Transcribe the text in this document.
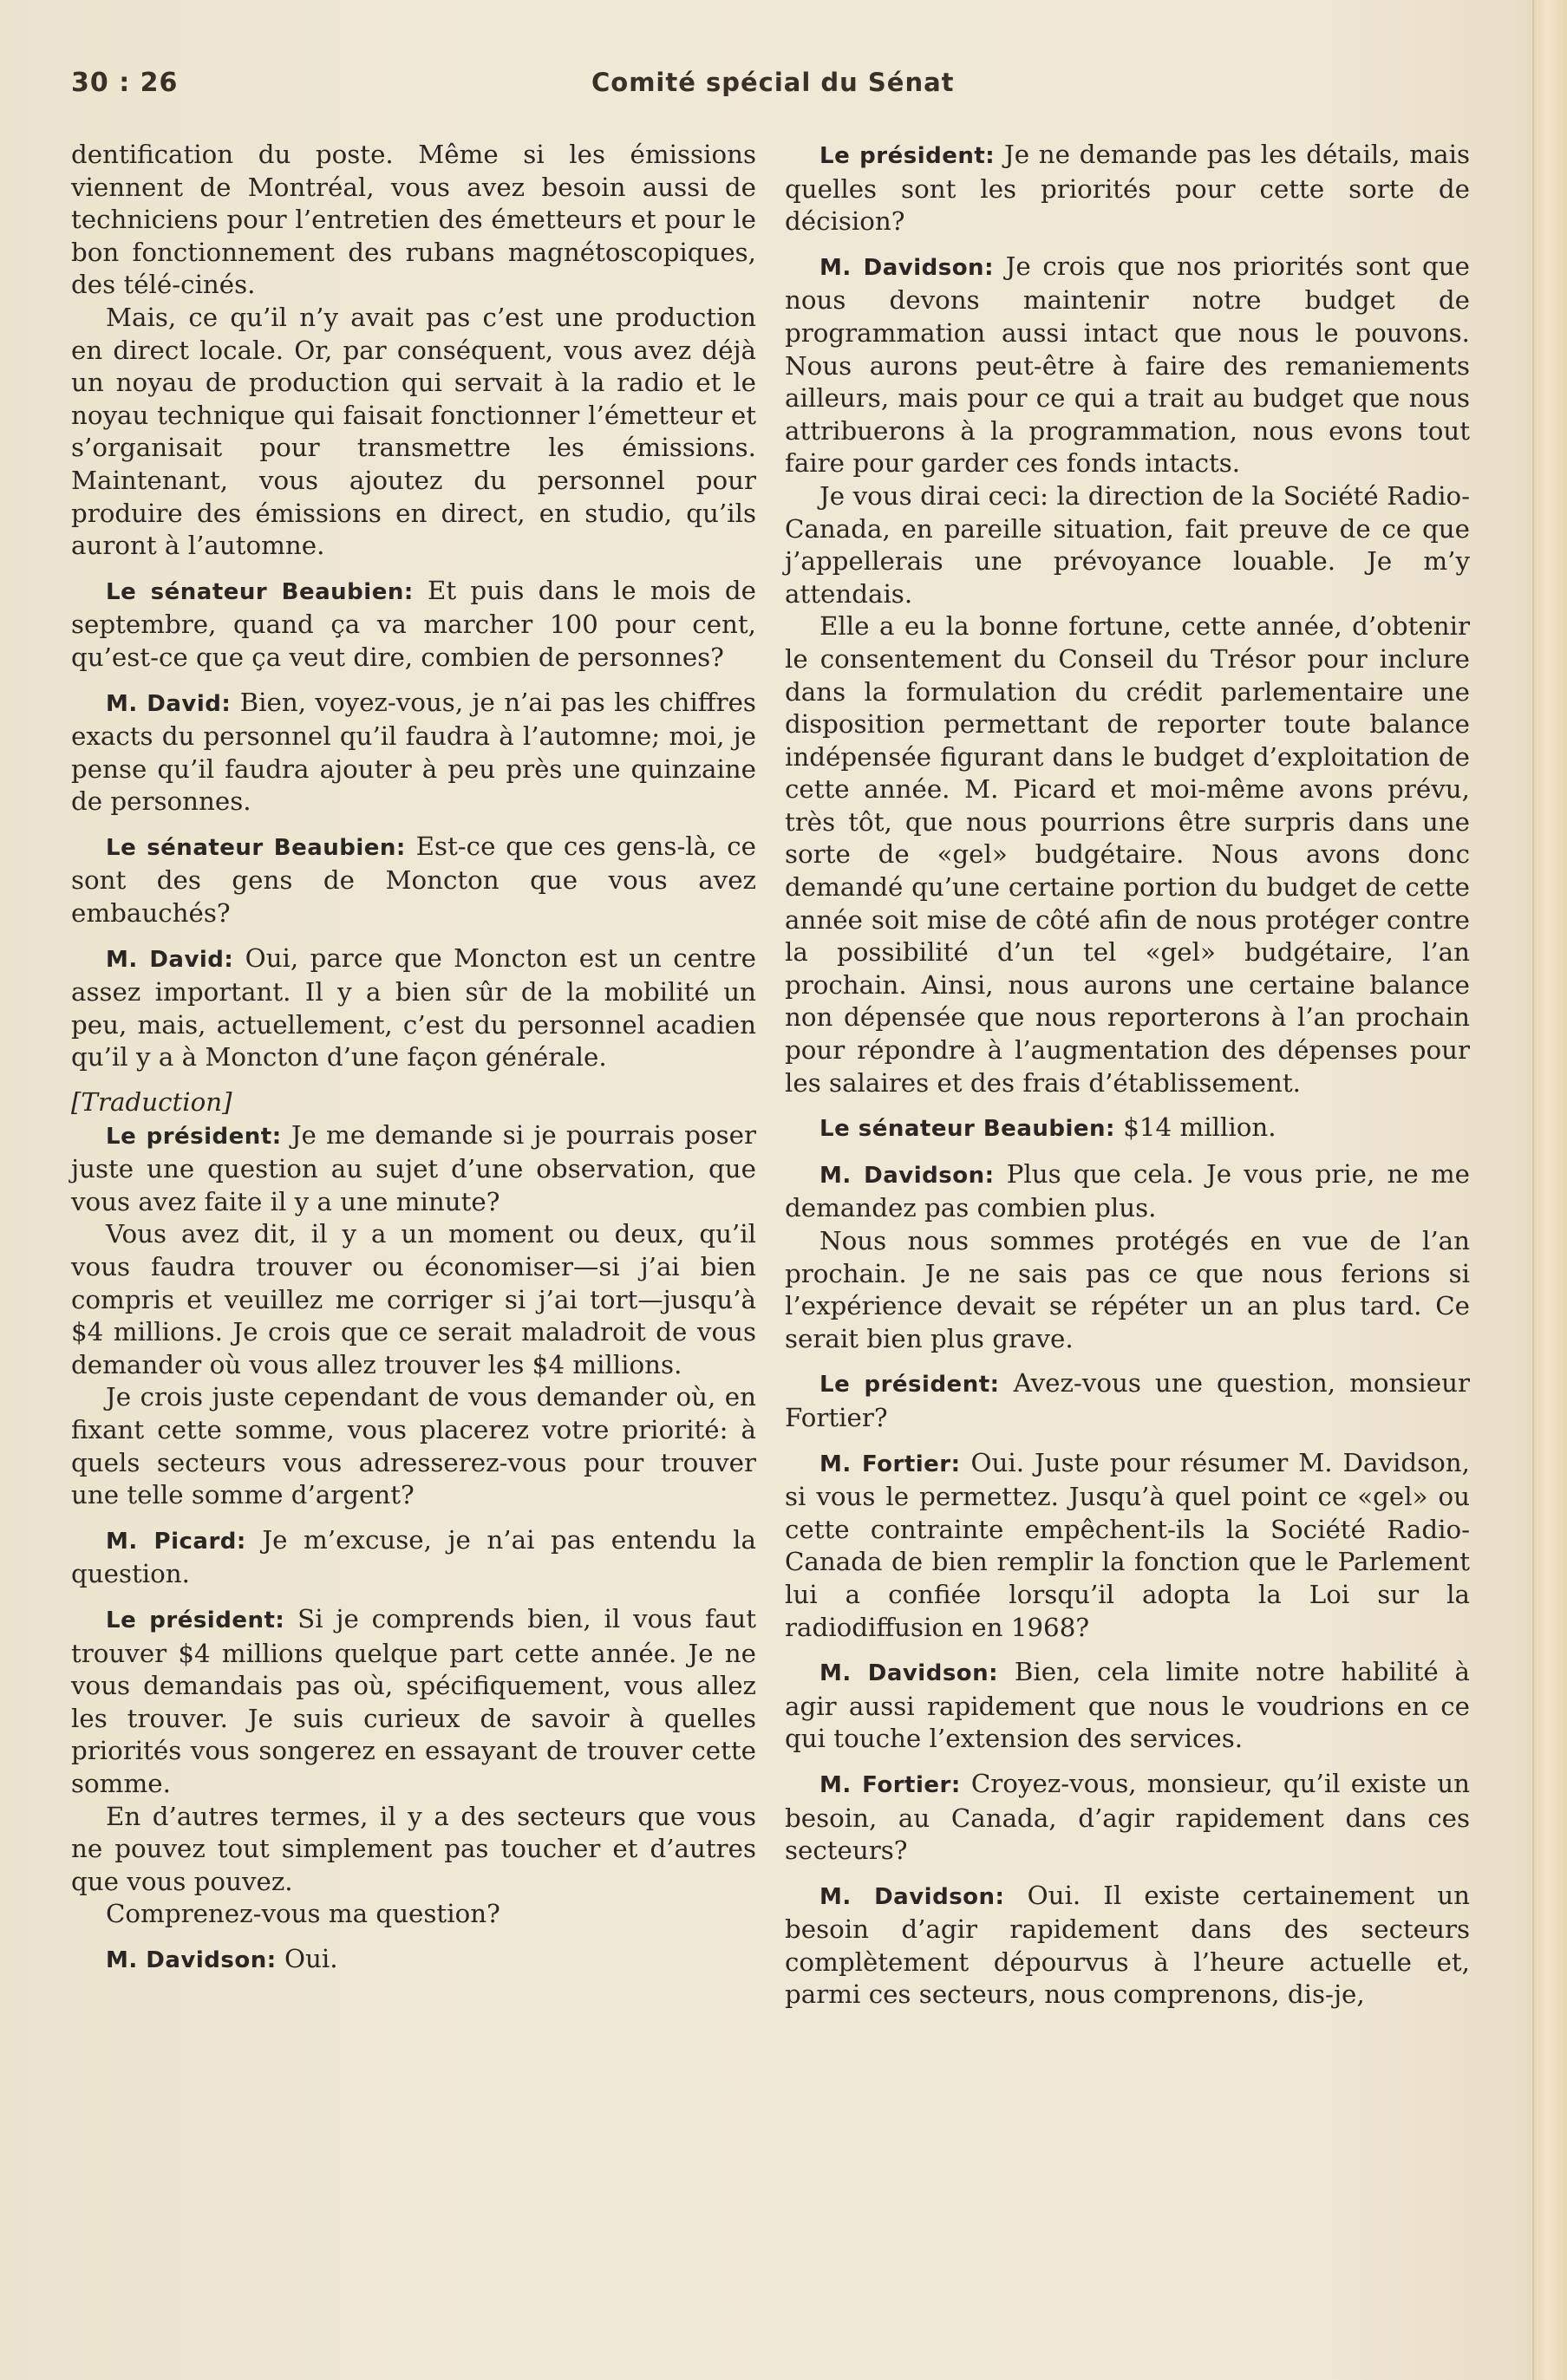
30 : 26	Comité spécial du Sénat

dentification du poste. Même si les émissions viennent de Montréal, vous avez besoin aussi de techniciens pour l’entretien des émetteurs et pour le bon fonctionnement des rubans magnétoscopiques, des télé-cinés.

Mais, ce qu’il n’y avait pas c’est une production en direct locale. Or, par conséquent, vous avez déjà un noyau de production qui servait à la radio et le noyau technique qui faisait fonctionner l’émetteur et s’organisait pour transmettre les émissions. Maintenant, vous ajoutez du personnel pour produire des émissions en direct, en studio, qu’ils auront à l’automne.

Le sénateur Beaubien: Et puis dans le mois de septembre, quand ça va marcher 100 pour cent, qu’est-ce que ça veut dire, combien de personnes?

M. David: Bien, voyez-vous, je n’ai pas les chiffres exacts du personnel qu’il faudra à l’automne; moi, je pense qu’il faudra ajouter à peu près une quinzaine de personnes.

Le sénateur Beaubien: Est-ce que ces gens-là, ce sont des gens de Moncton que vous avez embauchés?

M. David: Oui, parce que Moncton est un centre assez important. Il y a bien sûr de la mobilité un peu, mais, actuellement, c’est du personnel acadien qu’il y a à Moncton d’une façon générale.

[Traduction]

Le président: Je me demande si je pourrais poser juste une question au sujet d’une observation, que vous avez faite il y a une minute?

Vous avez dit, il y a un moment ou deux, qu’il vous faudra trouver ou économiser—si j’ai bien compris et veuillez me corriger si j’ai tort—jusqu’à $4 millions. Je crois que ce serait maladroit de vous demander où vous allez trouver les $4 millions.

Je crois juste cependant de vous demander où, en fixant cette somme, vous placerez votre priorité: à quels secteurs vous adresserez-vous pour trouver une telle somme d’argent?

M. Picard: Je m’excuse, je n’ai pas entendu la question.

Le président: Si je comprends bien, il vous faut trouver $4 millions quelque part cette année. Je ne vous demandais pas où, spécifiquement, vous allez les trouver. Je suis curieux de savoir à quelles priorités vous songerez en essayant de trouver cette somme.

En d’autres termes, il y a des secteurs que vous ne pouvez tout simplement pas toucher et d’autres que vous pouvez.

Comprenez-vous ma question?

M. Davidson: Oui.

Le président: Je ne demande pas les détails, mais quelles sont les priorités pour cette sorte de décision?

M. Davidson: Je crois que nos priorités sont que nous devons maintenir notre budget de programmation aussi intact que nous le pouvons. Nous aurons peut-être à faire des remaniements ailleurs, mais pour ce qui a trait au budget que nous attribuerons à la programmation, nous evons tout faire pour garder ces fonds intacts.

Je vous dirai ceci: la direction de la Société Radio-Canada, en pareille situation, fait preuve de ce que j’appellerais une prévoyance louable. Je m’y attendais.

Elle a eu la bonne fortune, cette année, d’obtenir le consentement du Conseil du Trésor pour inclure dans la formulation du crédit parlementaire une disposition permettant de reporter toute balance indépensée figurant dans le budget d’exploitation de cette année. M. Picard et moi-même avons prévu, très tôt, que nous pourrions être surpris dans une sorte de «gel» budgétaire. Nous avons donc demandé qu’une certaine portion du budget de cette année soit mise de côté afin de nous protéger contre la possibilité d’un tel «gel» budgétaire, l’an prochain. Ainsi, nous aurons une certaine balance non dépensée que nous reporterons à l’an prochain pour répondre à l’augmentation des dépenses pour les salaires et des frais d’établissement.

Le sénateur Beaubien: $14 million.

M. Davidson: Plus que cela. Je vous prie, ne me demandez pas combien plus.

Nous nous sommes protégés en vue de l’an prochain. Je ne sais pas ce que nous ferions si l’expérience devait se répéter un an plus tard. Ce serait bien plus grave.

Le président: Avez-vous une question, monsieur Fortier?

M. Fortier: Oui. Juste pour résumer M. Davidson, si vous le permettez. Jusqu’à quel point ce «gel» ou cette contrainte empêchent-ils la Société Radio-Canada de bien remplir la fonction que le Parlement lui a confiée lorsqu’il adopta la Loi sur la radiodiffusion en 1968?

M. Davidson: Bien, cela limite notre habilité à agir aussi rapidement que nous le voudrions en ce qui touche l’extension des services.

M. Fortier: Croyez-vous, monsieur, qu’il existe un besoin, au Canada, d’agir rapidement dans ces secteurs?

M. Davidson: Oui. Il existe certainement un besoin d’agir rapidement dans des secteurs complètement dépourvus à l’heure actuelle et, parmi ces secteurs, nous comprenons, dis-je,
